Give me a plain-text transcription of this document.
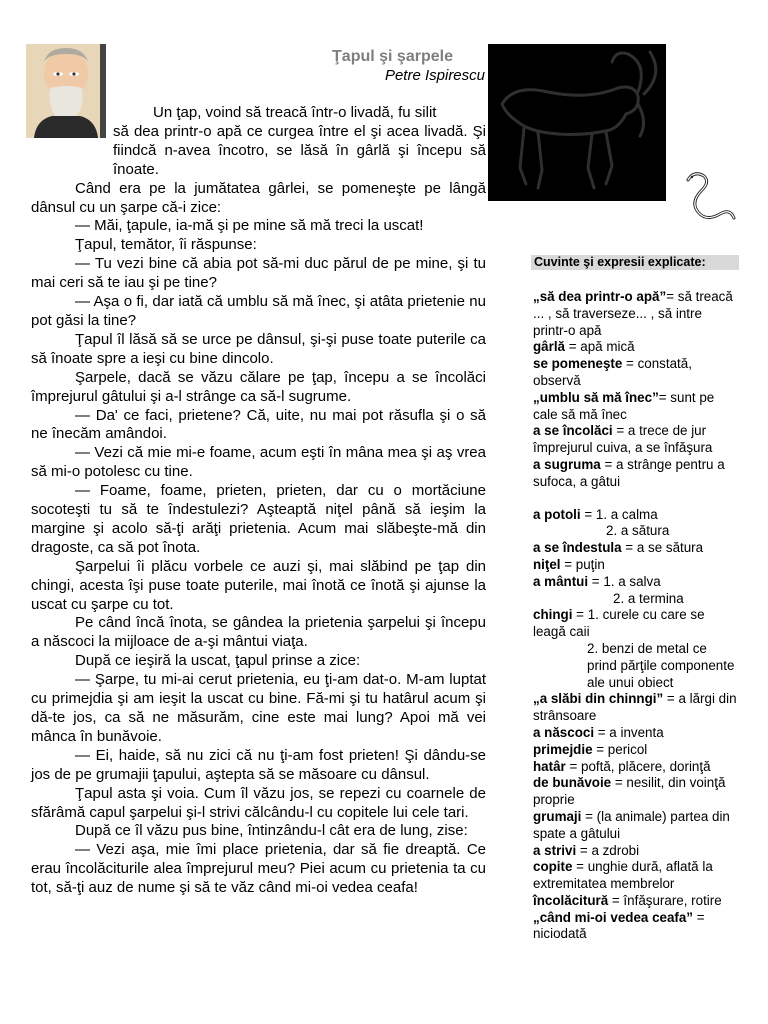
Ţapul şi şarpele
Petre Ispirescu

Un ţap, voind să treacă într-o livadă, fu silit

să dea printr-o apă ce curgea între el şi acea livadă. Şi fiindcă n-avea încotro, se lăsă în gârlă şi începu să înoate.

Când era pe la jumătatea gârlei, se pomeneşte pe lângă dânsul cu un şarpe că-i zice:

— Măi, ţapule, ia-mă şi pe mine să mă treci la uscat!

Ţapul, temător, îi răspunse:

— Tu vezi bine că abia pot să-mi duc părul de pe mine, şi tu mai ceri să te iau şi pe tine?

— Aşa o fi, dar iată că umblu să mă înec, şi atâta prietenie nu pot găsi la tine?

Ţapul îl lăsă să se urce pe dânsul, şi-şi puse toate puterile ca să înoate spre a ieşi cu bine dincolo.

Şarpele, dacă se văzu călare pe ţap, începu a se încolăci împrejurul gâtului şi a-l strânge ca să-l sugrume.

— Da' ce faci, prietene? Că, uite, nu mai pot răsufla şi o să ne înecăm amândoi.

— Vezi că mie mi-e foame, acum eşti în mâna mea şi aş vrea să mi-o potolesc cu tine.

— Foame, foame, prieten, prieten, dar cu o mortăciune socoteşti tu să te îndestulezi? Aşteaptă niţel până să ieşim la margine şi acolo să-ţi arăţi prietenia. Acum mai slăbeşte-mă din dragoste, ca să pot înota.

Şarpelui îi plăcu vorbele ce auzi şi, mai slăbind pe ţap din chingi, acesta îşi puse toate puterile, mai înotă ce înotă şi ajunse la uscat cu şarpe cu tot.

Pe când încă înota, se gândea la prietenia şarpelui şi începu a născoci la mijloace de a-şi mântui viaţa.

După ce ieşiră la uscat, ţapul prinse a zice:

— Şarpe, tu mi-ai cerut prietenia, eu ţi-am dat-o. M-am luptat cu primejdia şi am ieşit la uscat cu bine. Fă-mi şi tu hatârul acum şi dă-te jos, ca să ne măsurăm, cine este mai lung? Apoi mă vei mânca în bunăvoie.

— Ei, haide, să nu zici că nu ţi-am fost prieten! Şi dându-se jos de pe grumajii ţapului, aştepta să se măsoare cu dânsul.

Ţapul asta şi voia. Cum îl văzu jos, se repezi cu coarnele de sfărâmă capul şarpelui şi-l strivi călcându-l cu copitele lui cele tari.

După ce îl văzu pus bine, întinzându-l cât era de lung, zise:

— Vezi aşa, mie îmi place prietenia, dar să fie dreaptă. Ce erau încolăciturile alea împrejurul meu? Piei acum cu prietenia ta cu tot, să-ţi auz de nume şi să te văz când mi-oi vedea ceafa!

Cuvinte şi expresii explicate:
„să dea printr-o apă”= să treacă ... , să traverseze... , să intre printr-o apă
gârlă = apă mică
se pomeneşte = constată, observă
„umblu să mă înec”= sunt pe cale să mă înec
a se încolăci = a trece de jur împrejurul cuiva, a se înfăşura
a sugruma = a strânge pentru a sufoca, a gâtui
a potoli = 1. a calma
2. a sătura
a se îndestula = a se sătura
niţel = puţin
a mântui = 1. a salva
2. a termina
chingi = 1. curele cu care se leagă caii
2. benzi de metal ce prind părţile componente ale unui obiect
„a slăbi din chinngi” = a lărgi din strânsoare
a născoci = a inventa
primejdie = pericol
hatâr = poftă, plăcere, dorinţă
de bunăvoie = nesilit, din voinţă proprie
grumaji = (la animale) partea din spate a gâtului
a strivi = a zdrobi
copite = unghie dură, aflată la extremitatea membrelor
încolăcitură = înfăşurare, rotire
„când mi-oi vedea ceafa” = niciodată
